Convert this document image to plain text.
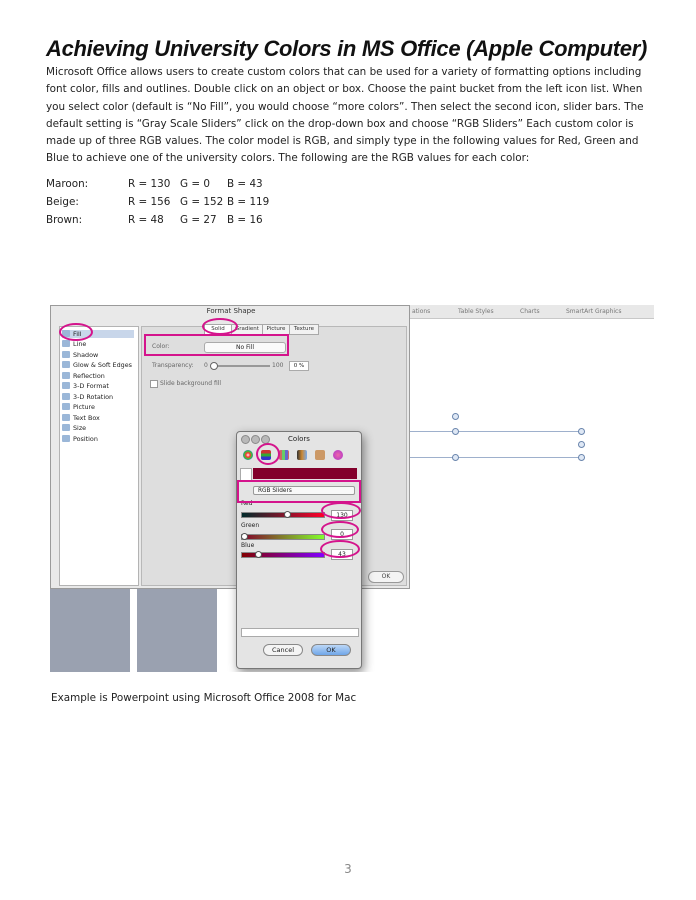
Achieving University Colors in MS Office (Apple Computer)
Microsoft Office allows users to create custom colors that can be used for a variety of formatting options including font color, fills and outlines. Double click on an object or box. Choose the paint bucket from the left icon list. When you select color (default is “No Fill”, you would choose “more colors”. Then select the second icon, slider bars. The default setting is “Gray Scale Sliders” click on the drop-down box and choose “RGB Sliders” Each custom color is made up of three RGB values. The color model is RGB, and simply type in the following values for Red, Green and Blue to achieve one of the university colors. The following are the RGB values for each color:
Maroon:	R = 130 G = 0 B = 43
Beige:	R = 156 G = 152 B = 119
Brown:	R = 48 G = 27 B = 16
ations	Table Styles	Charts	SmartArt Graphics
Format Shape
Fill
Line
Shadow
Glow & Soft Edges
Reflection
3-D Format
3-D Rotation
Picture
Text Box
Size
Position
Solid	Gradient	Picture	Texture
Color:	No Fill
Transparency: 0	100	0 %
Slide background fill
OK
Colors
RGB Sliders
Red
130
Green
0
Blue
43
Cancel	OK
Example is Powerpoint using Microsoft Office 2008 for Mac
3
